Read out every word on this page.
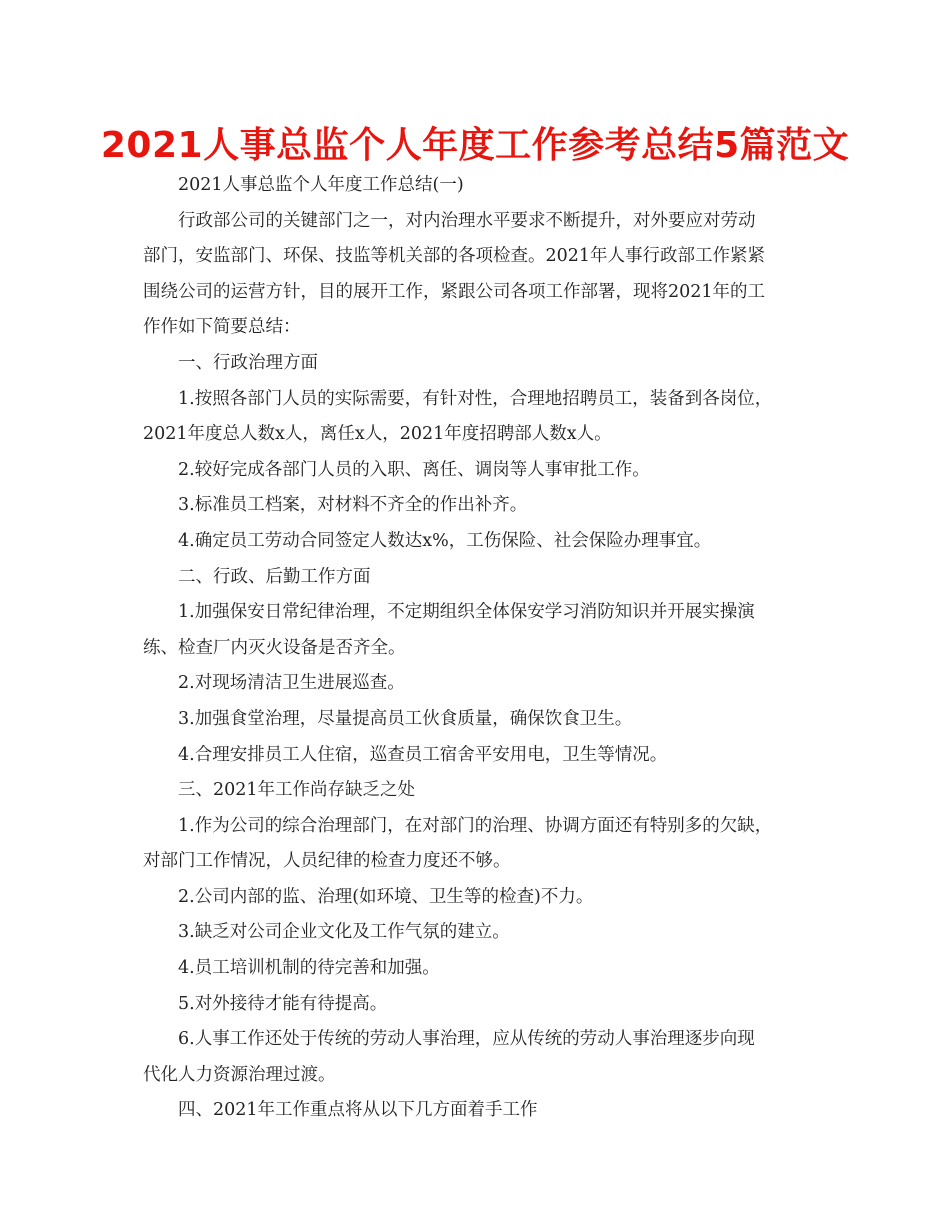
2021人事总监个人年度工作参考总结5篇范文
2021人事总监个人年度工作总结(一)
行政部公司的关键部门之一，对内治理水平要求不断提升，对外要应对劳动
部门，安监部门、环保、技监等机关部的各项检查。2021年人事行政部工作紧紧
围绕公司的运营方针，目的展开工作，紧跟公司各项工作部署，现将2021年的工
作作如下简要总结：
一、行政治理方面
1.按照各部门人员的实际需要，有针对性，合理地招聘员工，装备到各岗位，
2021年度总人数x人，离任x人，2021年度招聘部人数x人。
2.较好完成各部门人员的入职、离任、调岗等人事审批工作。
3.标准员工档案，对材料不齐全的作出补齐。
4.确定员工劳动合同签定人数达x%，工伤保险、社会保险办理事宜。
二、行政、后勤工作方面
1.加强保安日常纪律治理，不定期组织全体保安学习消防知识并开展实操演
练、检查厂内灭火设备是否齐全。
2.对现场清洁卫生进展巡查。
3.加强食堂治理，尽量提高员工伙食质量，确保饮食卫生。
4.合理安排员工人住宿，巡查员工宿舍平安用电，卫生等情况。
三、2021年工作尚存缺乏之处
1.作为公司的综合治理部门，在对部门的治理、协调方面还有特别多的欠缺，
对部门工作情况，人员纪律的检查力度还不够。
2.公司内部的监、治理(如环境、卫生等的检查)不力。
3.缺乏对公司企业文化及工作气氛的建立。
4.员工培训机制的待完善和加强。
5.对外接待才能有待提高。
6.人事工作还处于传统的劳动人事治理，应从传统的劳动人事治理逐步向现
代化人力资源治理过渡。
四、2021年工作重点将从以下几方面着手工作
